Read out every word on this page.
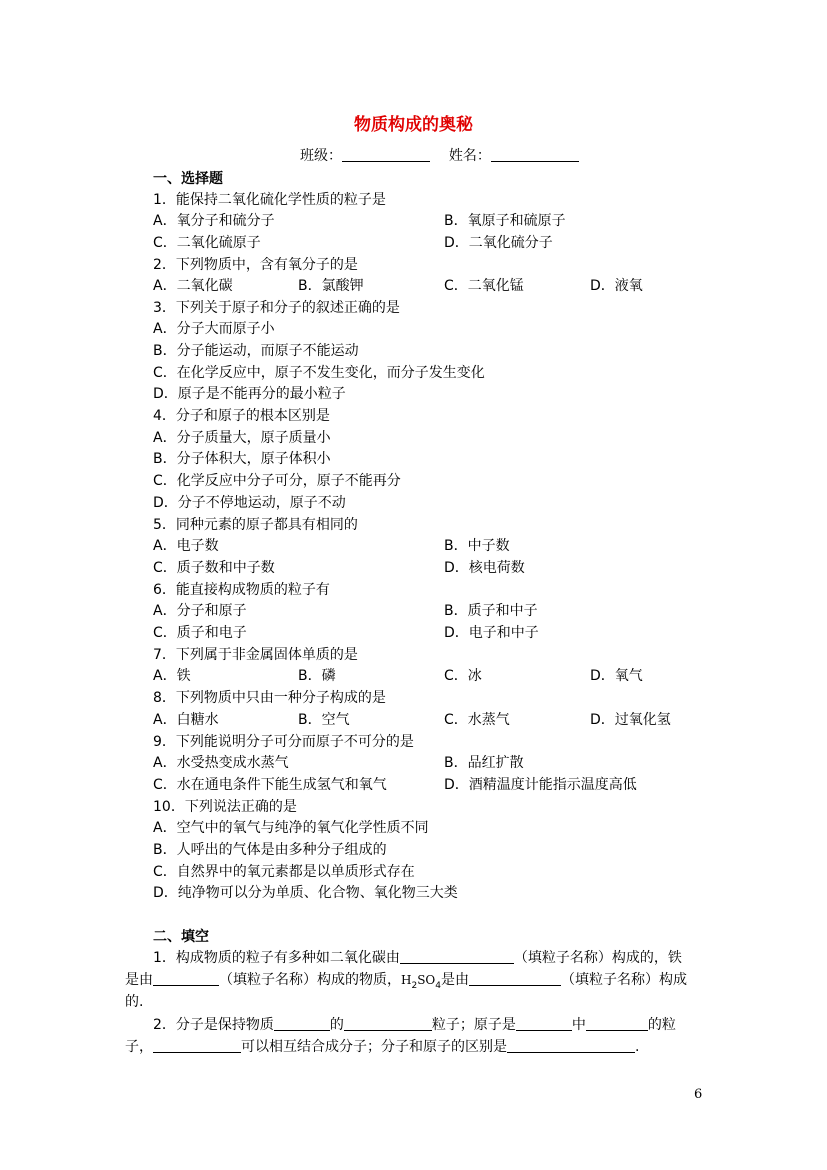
物质构成的奥秘
班级：	姓名：
一、选择题
1．能保持二氧化硫化学性质的粒子是
A．氧分子和硫分子	B．氧原子和硫原子
C．二氧化硫原子	D．二氧化硫分子
2．下列物质中，含有氧分子的是
A．二氧化碳	B．氯酸钾	C．二氧化锰	D．液氧
3．下列关于原子和分子的叙述正确的是
A．分子大而原子小
B．分子能运动，而原子不能运动
C．在化学反应中，原子不发生变化，而分子发生变化
D．原子是不能再分的最小粒子
4．分子和原子的根本区别是
A．分子质量大，原子质量小
B．分子体积大，原子体积小
C．化学反应中分子可分，原子不能再分
D．分子不停地运动，原子不动
5．同种元素的原子都具有相同的
A．电子数	B．中子数
C．质子数和中子数	D．核电荷数
6．能直接构成物质的粒子有
A．分子和原子	B．质子和中子
C．质子和电子	D．电子和中子
7．下列属于非金属固体单质的是
A．铁	B．磷	C．冰	D．氧气
8．下列物质中只由一种分子构成的是
A．白糖水	B．空气	C．水蒸气	D．过氧化氢
9．下列能说明分子可分而原子不可分的是
A．水受热变成水蒸气	B．品红扩散
C．水在通电条件下能生成氢气和氧气	D．酒精温度计能指示温度高低
10．下列说法正确的是
A．空气中的氧气与纯净的氧气化学性质不同
B．人呼出的气体是由多种分子组成的
C．自然界中的氧元素都是以单质形式存在
D．纯净物可以分为单质、化合物、氧化物三大类
二、填空
1．构成物质的粒子有多种如二氧化碳由	（填粒子名称）构成的，铁
是由	（填粒子名称）构成的物质，$H_2SO_4$是由	（填粒子名称）构成
的.
2．分子是保持物质	的	粒子；原子是	中	的粒
子，	可以相互结合成分子；分子和原子的区别是	.
6
